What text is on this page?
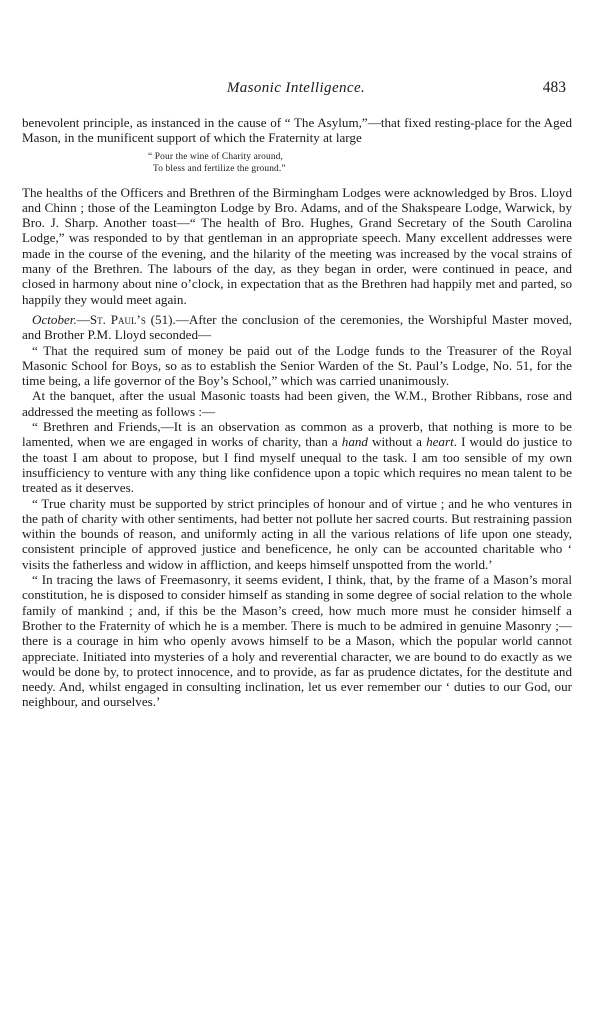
Masonic Intelligence.	483

benevolent principle, as instanced in the cause of “ The Asylum,”—that fixed resting-place for the Aged Mason, in the munificent support of which the Fraternity at large

“ Pour the wine of Charity around,
To bless and fertilize the ground.”

The healths of the Officers and Brethren of the Birmingham Lodges were acknowledged by Bros. Lloyd and Chinn ; those of the Leamington Lodge by Bro. Adams, and of the Shakspeare Lodge, Warwick, by Bro. J. Sharp. Another toast—“ The health of Bro. Hughes, Grand Secretary of the South Carolina Lodge,” was responded to by that gentleman in an appropriate speech. Many excellent addresses were made in the course of the evening, and the hilarity of the meeting was increased by the vocal strains of many of the Brethren. The labours of the day, as they began in order, were continued in peace, and closed in harmony about nine o’clock, in expectation that as the Brethren had happily met and parted, so happily they would meet again.

October.—St. Paul’s (51).—After the conclusion of the ceremonies, the Worshipful Master moved, and Brother P.M. Lloyd seconded—

“ That the required sum of money be paid out of the Lodge funds to the Treasurer of the Royal Masonic School for Boys, so as to establish the Senior Warden of the St. Paul’s Lodge, No. 51, for the time being, a life governor of the Boy’s School,” which was carried unanimously.

At the banquet, after the usual Masonic toasts had been given, the W.M., Brother Ribbans, rose and addressed the meeting as follows :—

“ Brethren and Friends,—It is an observation as common as a proverb, that nothing is more to be lamented, when we are engaged in works of charity, than a hand without a heart. I would do justice to the toast I am about to propose, but I find myself unequal to the task. I am too sensible of my own insufficiency to venture with any thing like confidence upon a topic which requires no mean talent to be treated as it deserves.

“ True charity must be supported by strict principles of honour and of virtue ; and he who ventures in the path of charity with other sentiments, had better not pollute her sacred courts. But restraining passion within the bounds of reason, and uniformly acting in all the various relations of life upon one steady, consistent principle of approved justice and beneficence, he only can be accounted charitable who ‘ visits the fatherless and widow in affliction, and keeps himself unspotted from the world.’

“ In tracing the laws of Freemasonry, it seems evident, I think, that, by the frame of a Mason’s moral constitution, he is disposed to consider himself as standing in some degree of social relation to the whole family of mankind ; and, if this be the Mason’s creed, how much more must he consider himself a Brother to the Fraternity of which he is a member. There is much to be admired in genuine Masonry ;—there is a courage in him who openly avows himself to be a Mason, which the popular world cannot appreciate. Initiated into mysteries of a holy and reverential character, we are bound to do exactly as we would be done by, to protect innocence, and to provide, as far as prudence dictates, for the destitute and needy. And, whilst engaged in consulting inclination, let us ever remember our ‘ duties to our God, our neighbour, and ourselves.’
